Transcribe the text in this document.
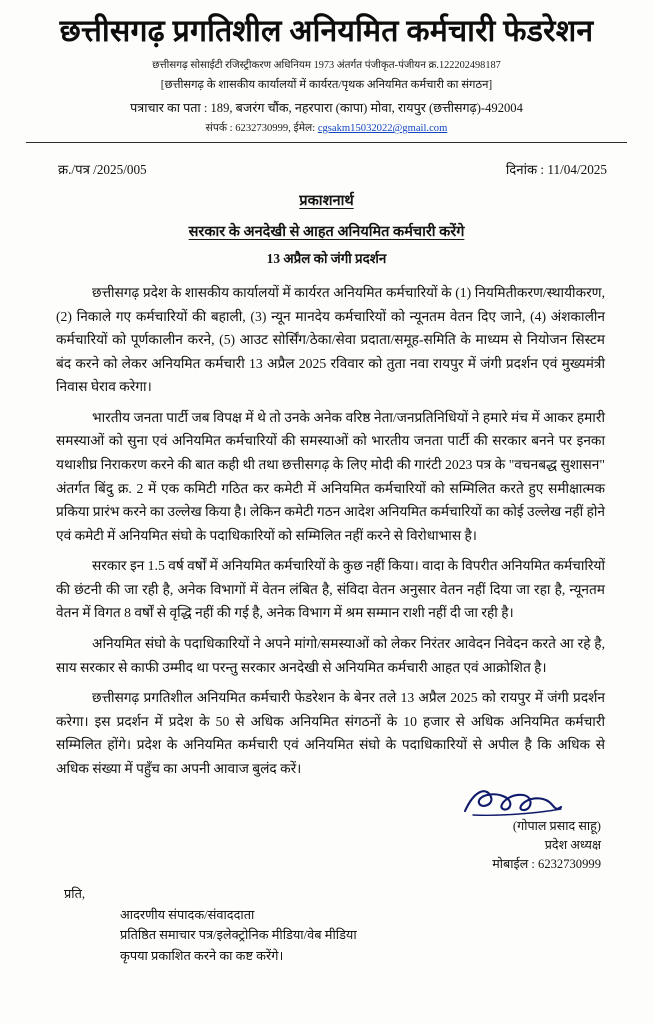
छत्तीसगढ़ प्रगतिशील अनियमित कर्मचारी फेडरेशन
छत्तीसगढ़ सोसाईटी रजिस्ट्रीकरण अधिनियम 1973 अंतर्गत पंजीकृत-पंजीयन क्र.122202498187
[छत्तीसगढ़ के शासकीय कार्यालयों में कार्यरत/पृथक अनियमित कर्मचारी का संगठन]
पत्राचार का पता : 189, बजरंग चौंक, नहरपारा (कापा) मोवा, रायपुर (छत्तीसगढ़)-492004
संपर्क : 6232730999, ईमेल: cgsakm15032022@gmail.com
क्र./पत्र /2025/005	दिनांक : 11/04/2025
प्रकाशनार्थ
सरकार के अनदेखी से आहत अनियमित कर्मचारी करेंगे
13 अप्रैल को जंगी प्रदर्शन

छत्तीसगढ़ प्रदेश के शासकीय कार्यालयों में कार्यरत अनियमित कर्मचारियों के (1) नियमितीकरण/स्थायीकरण, (2) निकाले गए कर्मचारियों की बहाली, (3) न्यून मानदेय कर्मचारियों को न्यूनतम वेतन दिए जाने, (4) अंशकालीन कर्मचारियों को पूर्णकालीन करने, (5) आउट सोर्सिंग/ठेका/सेवा प्रदाता/समूह-समिति के माध्यम से नियोजन सिस्टम बंद करने को लेकर अनियमित कर्मचारी 13 अप्रैल 2025 रविवार को तुता नवा रायपुर में जंगी प्रदर्शन एवं मुख्यमंत्री निवास घेराव करेगा।

भारतीय जनता पार्टी जब विपक्ष में थे तो उनके अनेक वरिष्ठ नेता/जनप्रतिनिधियों ने हमारे मंच में आकर हमारी समस्याओं को सुना एवं अनियमित कर्मचारियों की समस्याओं को भारतीय जनता पार्टी की सरकार बनने पर इनका यथाशीघ्र निराकरण करने की बात कही थी तथा छत्तीसगढ़ के लिए मोदी की गारंटी 2023 पत्र के "वचनबद्ध सुशासन" अंतर्गत बिंदु क्र. 2 में एक कमिटी गठित कर कमेटी में अनियमित कर्मचारियों को सम्मिलित करते हुए समीक्षात्मक प्रकिया प्रारंभ करने का उल्लेख किया है। लेकिन कमेटी गठन आदेश अनियमित कर्मचारियों का कोई उल्लेख नहीं होने एवं कमेटी में अनियमित संघो के पदाधिकारियों को सम्मिलित नहीं करने से विरोधाभास है।

सरकार इन 1.5 वर्ष वर्षों में अनियमित कर्मचारियों के कुछ नहीं किया। वादा के विपरीत अनियमित कर्मचारियों की छंटनी की जा रही है, अनेक विभागों में वेतन लंबित है, संविदा वेतन अनुसार वेतन नहीं दिया जा रहा है, न्यूनतम वेतन में विगत 8 वर्षों से वृद्धि नहीं की गई है, अनेक विभाग में श्रम सम्मान राशी नहीं दी जा रही है।

अनियमित संघो के पदाधिकारियों ने अपने मांगो/समस्याओं को लेकर निरंतर आवेदन निवेदन करते आ रहे है, साय सरकार से काफी उम्मीद था परन्तु सरकार अनदेखी से अनियमित कर्मचारी आहत एवं आक्रोशित है।

छत्तीसगढ़ प्रगतिशील अनियमित कर्मचारी फेडरेशन के बेनर तले 13 अप्रैल 2025 को रायपुर में जंगी प्रदर्शन करेगा। इस प्रदर्शन में प्रदेश के 50 से अधिक अनियमित संगठनों के 10 हजार से अधिक अनियमित कर्मचारी सम्मिलित होंगे। प्रदेश के अनियमित कर्मचारी एवं अनियमित संघो के पदाधिकारियों से अपील है कि अधिक से अधिक संख्या में पहुँच का अपनी आवाज बुलंद करें।

(गोपाल प्रसाद साहू)
प्रदेश अध्यक्ष
मोबाईल : 6232730999
प्रति,
आदरणीय संपादक/संवाददाता
प्रतिष्ठित समाचार पत्र/इलेक्ट्रोनिक मीडिया/वेब मीडिया
कृपया प्रकाशित करने का कष्ट करेंगे।
